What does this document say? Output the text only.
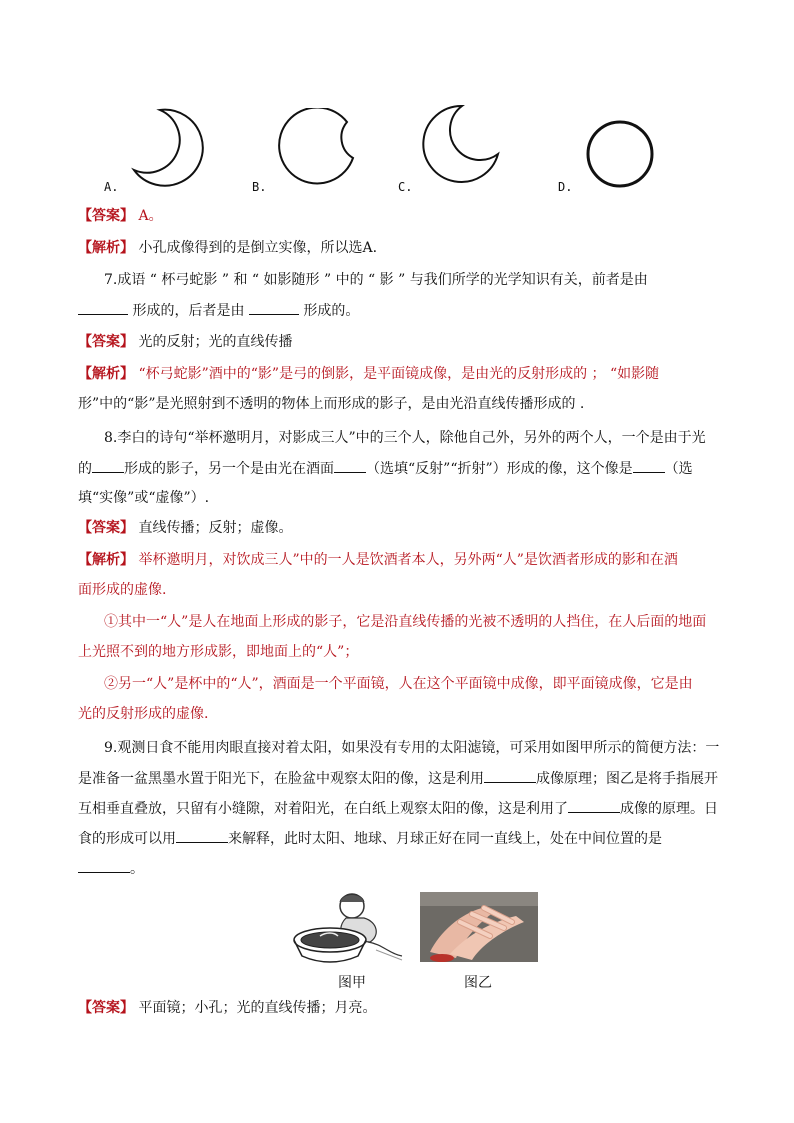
A.	B.	C.	D.
【答案】 A。
【解析】 小孔成像得到的是倒立实像，所以选A.
7.成语 “ 杯弓蛇影 ” 和 “ 如影随形 ” 中的 “ 影 ” 与我们所学的光学知识有关，前者是由
形成的，后者是由	形成的。
【答案】 光的反射；光的直线传播
【解析】 “杯弓蛇影”酒中的“影”是弓的倒影，是平面镜成像，是由光的反射形成的 ； “如影随
形”中的“影”是光照射到不透明的物体上而形成的影子，是由光沿直线传播形成的 .
8.李白的诗句“举杯邀明月，对影成三人”中的三个人，除他自己外，另外的两个人，一个是由于光
的 形成的影子，另一个是由光在酒面 （选填“反射”“折射”）形成的像，这个像是 （选
填“实像”或“虚像”）.
【答案】 直线传播；反射；虚像。
【解析】 举杯邀明月，对饮成三人”中的一人是饮酒者本人，另外两“人”是饮酒者形成的影和在酒
面形成的虚像.
①其中一“人”是人在地面上形成的影子，它是沿直线传播的光被不透明的人挡住，在人后面的地面
上光照不到的地方形成影，即地面上的“人”；
②另一“人”是杯中的“人”，酒面是一个平面镜，人在这个平面镜中成像，即平面镜成像，它是由
光的反射形成的虚像.
9.观测日食不能用肉眼直接对着太阳，如果没有专用的太阳滤镜，可采用如图甲所示的简便方法：一
是准备一盆黑墨水置于阳光下，在脸盆中观察太阳的像，这是利用	成像原理；图乙是将手指展开
互相垂直叠放，只留有小缝隙，对着阳光，在白纸上观察太阳的像，这是利用了	成像的原理。日
食的形成可以用	来解释，此时太阳、地球、月球正好在同一直线上，处在中间位置的是
。
图甲	图乙
【答案】 平面镜；小孔；光的直线传播；月亮。
